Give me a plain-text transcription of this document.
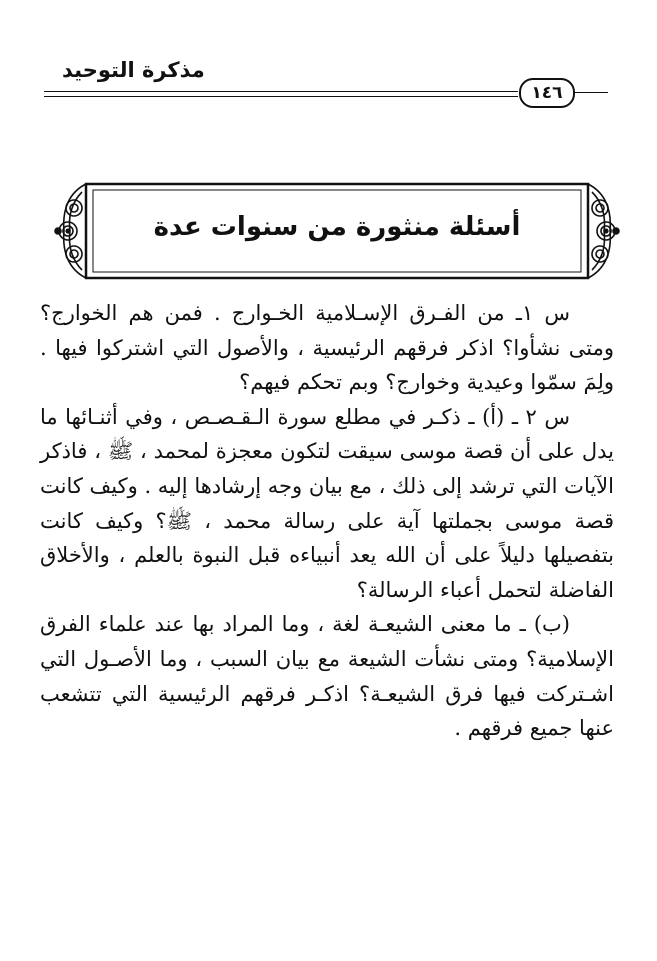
مذكرة التوحيد
١٤٦
أسئلة منثورة من سنوات عدة

س ١ـ من الفـرق الإسـلامية الخـوارج . فمن هم الخوارج؟ ومتى نشأوا؟ اذكر فرقهم الرئيسية ، والأصول التي اشتركوا فيها . ولِمَ سمّوا وعيدية وخوارج؟ وبم تحكم فيهم؟

س ٢ ـ (أ) ـ ذكـر في مطلع سورة الـقـصـص ، وفي أثنـائها ما يدل على أن قصة موسى سيقت لتكون معجزة لمحمد ، ﷺ ، فاذكر الآيات التي ترشد إلى ذلك ، مع بيان وجه إرشادها إليه . وكيف كانت قصة موسى بجملتها آية على رسالة محمد ، ﷺ؟ وكيف كانت بتفصيلها دليلاً على أن الله يعد أنبياءه قبل النبوة بالعلم ، والأخلاق الفاضلة لتحمل أعباء الرسالة؟

(ب) ـ ما معنى الشيعـة لغة ، وما المراد بها عند علماء الفرق الإسلامية؟ ومتى نشأت الشيعة مع بيان السبب ، وما الأصـول التي اشـتركت فيها فرق الشيعـة؟ اذكـر فرقهم الرئيسية التي تتشعب عنها جميع فرقهم .
